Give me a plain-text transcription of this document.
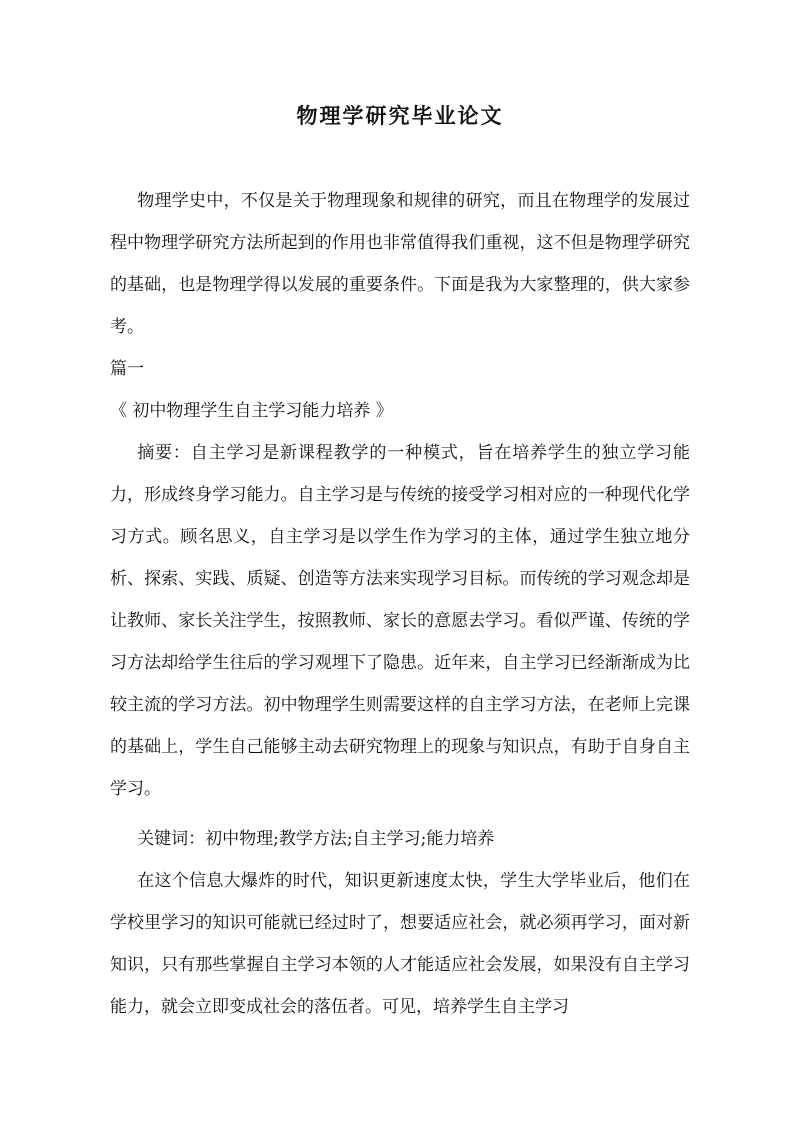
物理学研究毕业论文

物理学史中，不仅是关于物理现象和规律的研究，而且在物理学的发展过程中物理学研究方法所起到的作用也非常值得我们重视，这不但是物理学研究的基础，也是物理学得以发展的重要条件。下面是我为大家整理的，供大家参考。

篇一

《 初中物理学生自主学习能力培养 》

摘要：自主学习是新课程教学的一种模式，旨在培养学生的独立学习能力，形成终身学习能力。自主学习是与传统的接受学习相对应的一种现代化学习方式。顾名思义，自主学习是以学生作为学习的主体，通过学生独立地分析、探索、实践、质疑、创造等方法来实现学习目标。而传统的学习观念却是让教师、家长关注学生，按照教师、家长的意愿去学习。看似严谨、传统的学习方法却给学生往后的学习观埋下了隐患。近年来，自主学习已经渐渐成为比较主流的学习方法。初中物理学生则需要这样的自主学习方法，在老师上完课的基础上，学生自己能够主动去研究物理上的现象与知识点，有助于自身自主学习。

关键词：初中物理;教学方法;自主学习;能力培养

在这个信息大爆炸的时代，知识更新速度太快，学生大学毕业后，他们在学校里学习的知识可能就已经过时了，想要适应社会，就必须再学习，面对新知识，只有那些掌握自主学习本领的人才能适应社会发展，如果没有自主学习能力，就会立即变成社会的落伍者。可见，培养学生自主学习
